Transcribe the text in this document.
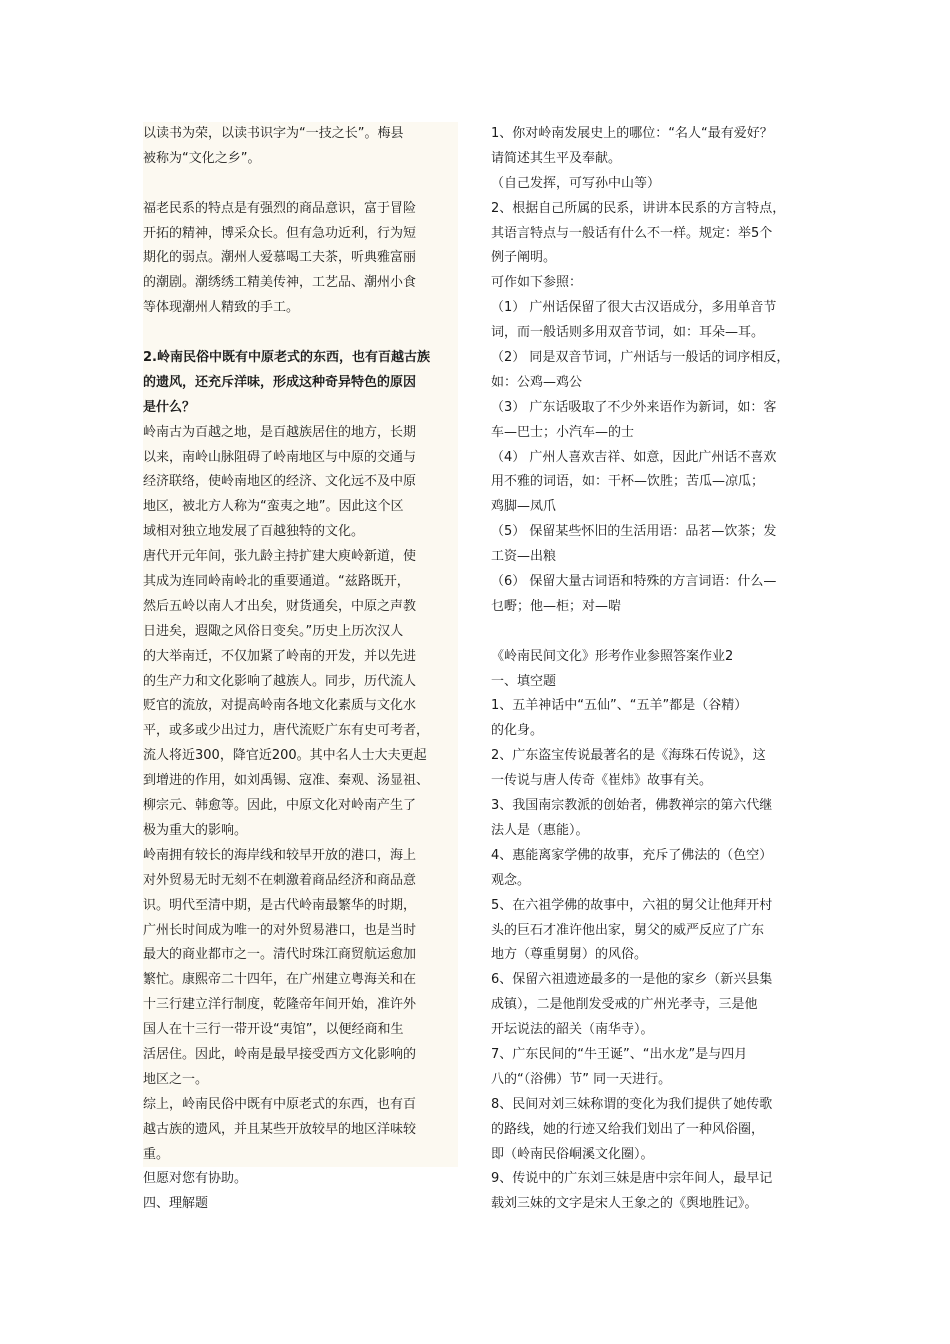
以读书为荣，以读书识字为“一技之长”。梅县
被称为“文化之乡”。
福老民系的特点是有强烈的商品意识，富于冒险
开拓的精神，博采众长。但有急功近利，行为短
期化的弱点。潮州人爱慕喝工夫茶，听典雅富丽
的潮剧。潮绣绣工精美传神，工艺品、潮州小食
等体现潮州人精致的手工。
2.岭南民俗中既有中原老式的东西，也有百越古族
的遗风，还充斥洋味，形成这种奇异特色的原因
是什么？
岭南古为百越之地，是百越族居住的地方，长期
以来，南岭山脉阻碍了岭南地区与中原的交通与
经济联络，使岭南地区的经济、文化远不及中原
地区，被北方人称为“蛮夷之地”。因此这个区
域相对独立地发展了百越独特的文化。
唐代开元年间，张九龄主持扩建大庾岭新道，使
其成为连同岭南岭北的重要通道。“兹路既开，
然后五岭以南人才出矣，财货通矣，中原之声教
日进矣，遐陬之风俗日变矣。”历史上历次汉人
的大举南迁，不仅加紧了岭南的开发，并以先进
的生产力和文化影响了越族人。同步，历代流人
贬官的流放，对提高岭南各地文化素质与文化水
平，或多或少出过力，唐代流贬广东有史可考者，
流人将近300，降官近200。其中名人士大夫更起
到增进的作用，如刘禹锡、寇准、秦观、汤显祖、
柳宗元、韩愈等。因此，中原文化对岭南产生了
极为重大的影响。
岭南拥有较长的海岸线和较早开放的港口，海上
对外贸易无时无刻不在刺激着商品经济和商品意
识。明代至清中期，是古代岭南最繁华的时期，
广州长时间成为唯一的对外贸易港口，也是当时
最大的商业都市之一。清代时珠江商贸航运愈加
繁忙。康熙帝二十四年，在广州建立粤海关和在
十三行建立洋行制度，乾隆帝年间开始，准许外
国人在十三行一带开设“夷馆”，以便经商和生
活居住。因此，岭南是最早接受西方文化影响的
地区之一。
综上，岭南民俗中既有中原老式的东西，也有百
越古族的遗风，并且某些开放较早的地区洋味较
重。
但愿对您有协助。
四、理解题
1、你对岭南发展史上的哪位：“名人“最有爱好？
请简述其生平及奉献。
（自己发挥，可写孙中山等）
2、根据自己所属的民系，讲讲本民系的方言特点，
其语言特点与一般话有什么不一样。规定：举5个
例子阐明。
可作如下参照：
（1） 广州话保留了很大古汉语成分，多用单音节
词，而一般话则多用双音节词，如：耳朵—耳。
（2） 同是双音节词，广州话与一般话的词序相反，
如：公鸡—鸡公
（3） 广东话吸取了不少外来语作为新词，如：客
车—巴士；小汽车—的士
（4） 广州人喜欢吉祥、如意，因此广州话不喜欢
用不雅的词语，如：干杯—饮胜；苦瓜—凉瓜；
鸡脚—凤爪
（5） 保留某些怀旧的生活用语：品茗—饮茶；发
工资—出粮
（6） 保留大量古词语和特殊的方言词语：什么—
乜嘢；他—柜；对—啱
《岭南民间文化》形考作业参照答案作业2
一、填空题
1、五羊神话中“五仙”、“五羊”都是（谷精）
的化身。
2、广东盗宝传说最著名的是《海珠石传说》，这
一传说与唐人传奇《崔炜》故事有关。
3、我国南宗教派的创始者，佛教禅宗的第六代继
法人是（惠能）。
4、惠能离家学佛的故事，充斥了佛法的（色空）
观念。
5、在六祖学佛的故事中，六祖的舅父让他拜开村
头的巨石才准许他出家，舅父的威严反应了广东
地方（尊重舅舅）的风俗。
6、保留六祖遗迹最多的一是他的家乡（新兴县集
成镇），二是他削发受戒的广州光孝寺，三是他
开坛说法的韶关（南华寺）。
7、广东民间的“牛王诞”、“出水龙”是与四月
八的“（浴佛）节” 同一天进行。
8、民间对刘三妹称谓的变化为我们提供了她传歌
的路线，她的行迹又给我们划出了一种风俗圈，
即（岭南民俗峒溪文化圈）。
9、传说中的广东刘三妹是唐中宗年间人，最早记
载刘三妹的文字是宋人王象之的《舆地胜记》。
